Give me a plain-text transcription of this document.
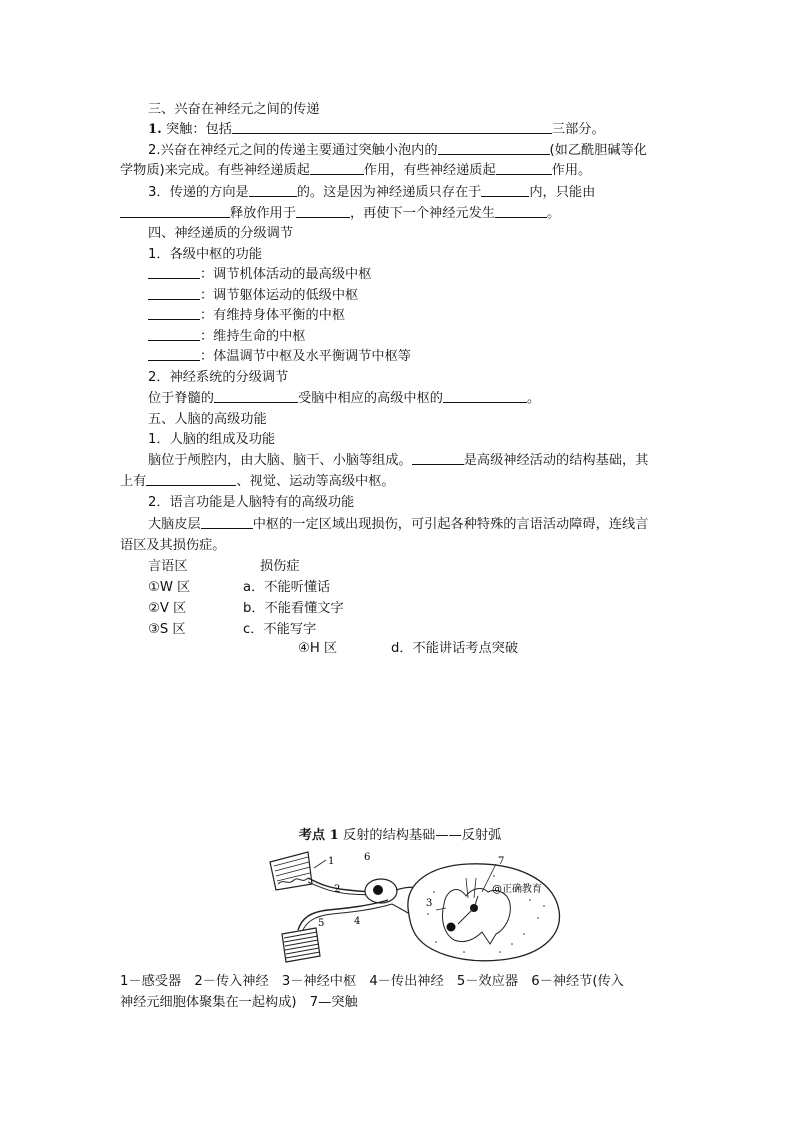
三、兴奋在神经元之间的传递
1. 突触：包括	三部分。
2.兴奋在神经元之间的传递主要通过突触小泡内的	(如乙酰胆碱等化
学物质)来完成。有些神经递质起	作用，有些神经递质起	作用。
3．传递的方向是	的。这是因为神经递质只存在于	内，只能由
释放作用于	，再使下一个神经元发生	。
四、神经递质的分级调节
1．各级中枢的功能
：调节机体活动的最高级中枢
：调节躯体运动的低级中枢
：有维持身体平衡的中枢
：维持生命的中枢
：体温调节中枢及水平衡调节中枢等
2．神经系统的分级调节
位于脊髓的	受脑中相应的高级中枢的	。
五、人脑的高级功能
1．人脑的组成及功能
脑位于颅腔内，由大脑、脑干、小脑等组成。	是高级神经活动的结构基础，其
上有	、视觉、运动等高级中枢。
2．语言功能是人脑特有的高级功能
大脑皮层	中枢的一定区域出现损伤，可引起各种特殊的言语活动障碍，连线言
语区及其损伤症。
言语区	损伤症
①W 区	a．不能听懂话
②V 区	b．不能看懂文字
③S 区	c．不能写字
④H 区	d．不能讲话考点突破
考点 1 反射的结构基础——反射弧
1
2
3
4
5
6	7
@正确教育
1－感受器　2－传入神经　3－神经中枢　4－传出神经　5－效应器　6－神经节(传入
神经元细胞体聚集在一起构成)　7—突触
